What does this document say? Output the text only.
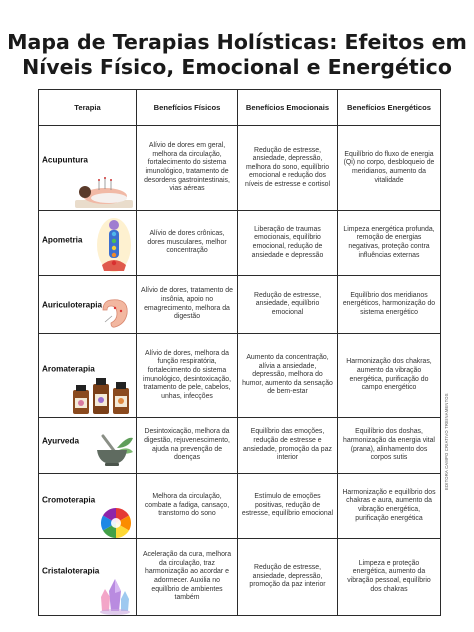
Mapa de Terapias Holísticas: Efeitos em
Níveis Físico, Emocional e Energético
Terapia	Benefícios Físicos	Benefícios Emocionais	Benefícios Energéticos

Acupuntura	Alívio de dores em geral, melhora da circulação, fortalecimento do sistema imunológico, tratamento de desordens gastrointestinais, vias aéreas	Redução de estresse, ansiedade, depressão, melhora do sono, equilíbrio emocional e redução dos níveis de estresse e cortisol	Equilíbrio do fluxo de energia (Qi) no corpo, desbloqueio de meridianos, aumento da vitalidade

Apometria	Alívio de dores crônicas, dores musculares, melhor concentração	Liberação de traumas emocionais, equilíbrio emocional, redução de ansiedade e depressão	Limpeza energética profunda, remoção de energias negativas, proteção contra influências externas

Auriculoterapia	Alívio de dores, tratamento de insônia, apoio no emagrecimento, melhora da digestão	Redução de estresse, ansiedade, equilíbrio emocional	Equilíbrio dos meridianos energéticos, harmonização do sistema energético

Aromaterapia	Alívio de dores, melhora da função respiratória, fortalecimento do sistema imunológico, desintoxicação, tratamento de pele, cabelos, unhas, infecções	Aumento da concentração, alívia a ansiedade, depressão, melhora do humor, aumento da sensação de bem-estar	Harmonização dos chakras, aumento da vibração energética, purificação do campo energético

Ayurveda	Desintoxicação, melhora da digestão, rejuvenescimento, ajuda na prevenção de doenças	Equilíbrio das emoções, redução de estresse e ansiedade, promoção da paz interior	Equilíbrio dos doshas, harmonização da energia vital (prana), alinhamento dos corpos sutis

Cromoterapia	Melhora da circulação, combate a fadiga, cansaço, transtorno do sono	Estímulo de emoções positivas, redução de estresse, equilíbrio emocional	Harmonização e equilíbrio dos chakras e aura, aumento da vibração energética, purificação energética

Cristaloterapia	Aceleração da cura, melhora da circulação, traz harmonização ao acordar e adormecer. Auxilia no equilíbrio de ambientes também	Redução de estresse, ansiedade, depressão, promoção da paz interior	Limpeza e proteção energética, aumento da vibração pessoal, equilíbrio dos chakras
EDITORA CAMPO CRIATIVO TREINAMENTOS
